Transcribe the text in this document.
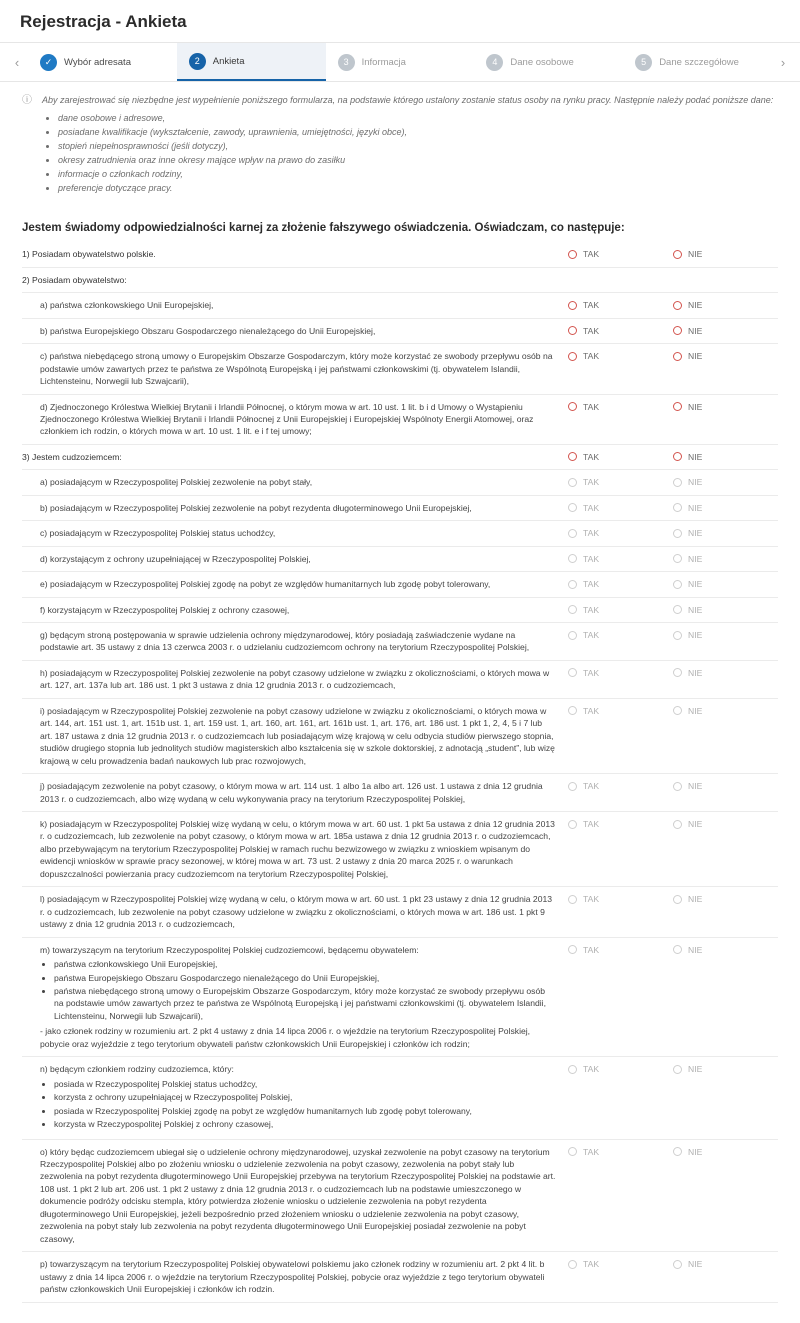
Rejestracja - Ankieta
‹	✓	Wybór adresata	2	Ankieta	3	Informacja	4	Dane osobowe	5	Dane szczegółowe	›
ⓘ Aby zarejestrować się niezbędne jest wypełnienie poniższego formularza, na podstawie którego ustalony zostanie status osoby na rynku pracy. Następnie należy podać poniższe dane:
• dane osobowe i adresowe,
• posiadane kwalifikacje (wykształcenie, zawody, uprawnienia, umiejętności, języki obce),
• stopień niepełnosprawności (jeśli dotyczy),
• okresy zatrudnienia oraz inne okresy mające wpływ na prawo do zasiłku
• informacje o członkach rodziny,
• preferencje dotyczące pracy.
Jestem świadomy odpowiedzialności karnej za złożenie fałszywego oświadczenia. Oświadczam, co następuje:
1) Posiadam obywatelstwo polskie.	TAK	NIE
2) Posiadam obywatelstwo:
a) państwa członkowskiego Unii Europejskiej,	TAK	NIE
b) państwa Europejskiego Obszaru Gospodarczego nienależącego do Unii Europejskiej,	TAK	NIE
c) państwa niebędącego stroną umowy o Europejskim Obszarze Gospodarczym, który może korzystać ze swobody przepływu osób na podstawie umów zawartych przez te państwa ze Wspólnotą Europejską i jej państwami członkowskimi (tj. obywatelem Islandii, Lichtensteinu, Norwegii lub Szwajcarii),
TAK	NIE
d) Zjednoczonego Królestwa Wielkiej Brytanii i Irlandii Północnej, o którym mowa w art. 10 ust. 1 lit. b i d Umowy o Wystąpieniu Zjednoczonego Królestwa Wielkiej Brytanii i Irlandii Północnej z Unii Europejskiej i Europejskiej Wspólnoty Energii Atomowej, oraz członkiem ich rodzin, o których mowa w art. 10 ust. 1 lit. e i f tej umowy;
TAK	NIE
3) Jestem cudzoziemcem:	TAK	NIE
a) posiadającym w Rzeczypospolitej Polskiej zezwolenie na pobyt stały,	TAK	NIE
b) posiadającym w Rzeczypospolitej Polskiej zezwolenie na pobyt rezydenta długoterminowego Unii Europejskiej,	TAK	NIE
c) posiadającym w Rzeczypospolitej Polskiej status uchodźcy,	TAK	NIE
d) korzystającym z ochrony uzupełniającej w Rzeczypospolitej Polskiej,	TAK	NIE
e) posiadającym w Rzeczypospolitej Polskiej zgodę na pobyt ze względów humanitarnych lub zgodę pobyt tolerowany,	TAK	NIE
f) korzystającym w Rzeczypospolitej Polskiej z ochrony czasowej,	TAK	NIE
g) będącym stroną postępowania w sprawie udzielenia ochrony międzynarodowej, który posiadają zaświadczenie wydane na podstawie art. 35 ustawy z dnia 13 czerwca 2003 r. o udzielaniu cudzoziemcom ochrony na terytorium Rzeczypospolitej Polskiej,
TAK	NIE
h) posiadającym w Rzeczypospolitej Polskiej zezwolenie na pobyt czasowy udzielone w związku z okolicznościami, o których mowa w art. 127, art. 137a lub art. 186 ust. 1 pkt 3 ustawa z dnia 12 grudnia 2013 r. o cudzoziemcach,
TAK	NIE
i) posiadającym w Rzeczypospolitej Polskiej zezwolenie na pobyt czasowy udzielone w związku z okolicznościami, o których mowa w art. 144, art. 151 ust. 1, art. 151b ust. 1, art. 159 ust. 1, art. 160, art. 161, art. 161b ust. 1, art. 176, art. 186 ust. 1 pkt 1, 2, 4, 5 i 7 lub art. 187 ustawa z dnia 12 grudnia 2013 r. o cudzoziemcach lub posiadającym wizę krajową w celu odbycia studiów pierwszego stopnia, studiów drugiego stopnia lub jednolitych studiów magisterskich albo kształcenia się w szkole doktorskiej, z adnotacją „student”, lub wizę krajową w celu prowadzenia badań naukowych lub prac rozwojowych,
TAK	NIE
j) posiadającym zezwolenie na pobyt czasowy, o którym mowa w art. 114 ust. 1 albo 1a albo art. 126 ust. 1 ustawa z dnia 12 grudnia 2013 r. o cudzoziemcach, albo wizę wydaną w celu wykonywania pracy na terytorium Rzeczypospolitej Polskiej,
TAK	NIE
k) posiadającym w Rzeczypospolitej Polskiej wizę wydaną w celu, o którym mowa w art. 60 ust. 1 pkt 5a ustawa z dnia 12 grudnia 2013 r. o cudzoziemcach, lub zezwolenie na pobyt czasowy, o którym mowa w art. 185a ustawa z dnia 12 grudnia 2013 r. o cudzoziemcach, albo przebywającym na terytorium Rzeczypospolitej Polskiej w ramach ruchu bezwizowego w związku z wnioskiem wpisanym do ewidencji wniosków w sprawie pracy sezonowej, w której mowa w art. 73 ust. 2 ustawy z dnia 20 marca 2025 r. o warunkach dopuszczalności powierzania pracy cudzoziemcom na terytorium Rzeczypospolitej Polskiej,
TAK	NIE
l) posiadającym w Rzeczypospolitej Polskiej wizę wydaną w celu, o którym mowa w art. 60 ust. 1 pkt 23 ustawy z dnia 12 grudnia 2013 r. o cudzoziemcach, lub zezwolenie na pobyt czasowy udzielone w związku z okolicznościami, o których mowa w art. 186 ust. 1 pkt 9 ustawy z dnia 12 grudnia 2013 r. o cudzoziemcach,
TAK	NIE
m) towarzyszącym na terytorium Rzeczypospolitej Polskiej cudzoziemcowi, będącemu obywatelem:
• państwa członkowskiego Unii Europejskiej,
• państwa Europejskiego Obszaru Gospodarczego nienależącego do Unii Europejskiej,
• państwa niebędącego stroną umowy o Europejskim Obszarze Gospodarczym, który może korzystać ze swobody przepływu osób na podstawie umów zawartych przez te państwa ze Wspólnotą Europejską i jej państwami członkowskimi (tj. obywatelem Islandii, Lichtensteinu, Norwegii lub Szwajcarii),
- jako członek rodziny w rozumieniu art. 2 pkt 4 ustawy z dnia 14 lipca 2006 r. o wjeździe na terytorium Rzeczypospolitej Polskiej, pobycie oraz wyjeździe z tego terytorium obywateli państw członkowskich Unii Europejskiej i członków ich rodzin;
TAK	NIE
n) będącym członkiem rodziny cudzoziemca, który:
• posiada w Rzeczypospolitej Polskiej status uchodźcy,
• korzysta z ochrony uzupełniającej w Rzeczypospolitej Polskiej,
• posiada w Rzeczypospolitej Polskiej zgodę na pobyt ze względów humanitarnych lub zgodę pobyt tolerowany,
• korzysta w Rzeczypospolitej Polskiej z ochrony czasowej,
TAK	NIE
o) który będąc cudzoziemcem ubiegał się o udzielenie ochrony międzynarodowej, uzyskał zezwolenie na pobyt czasowy na terytorium Rzeczypospolitej Polskiej albo po złożeniu wniosku o udzielenie zezwolenia na pobyt czasowy, zezwolenia na pobyt stały lub zezwolenia na pobyt rezydenta długoterminowego Unii Europejskiej przebywa na terytorium Rzeczypospolitej Polskiej na podstawie art. 108 ust. 1 pkt 2 lub art. 206 ust. 1 pkt 2 ustawy z dnia 12 grudnia 2013 r. o cudzoziemcach lub na podstawie umieszczonego w dokumencie podróży odcisku stempla, który potwierdza złożenie wniosku o udzielenie zezwolenia na pobyt rezydenta długoterminowego Unii Europejskiej, jeżeli bezpośrednio przed złożeniem wniosku o udzielenie zezwolenia na pobyt czasowy, zezwolenia na pobyt stały lub zezwolenia na pobyt rezydenta długoterminowego Unii Europejskiej posiadał zezwolenie na pobyt czasowy,
TAK	NIE
p) towarzyszącym na terytorium Rzeczypospolitej Polskiej obywatelowi polskiemu jako członek rodziny w rozumieniu art. 2 pkt 4 lit. b ustawy z dnia 14 lipca 2006 r. o wjeździe na terytorium Rzeczypospolitej Polskiej, pobycie oraz wyjeździe z tego terytorium obywateli państw członkowskich Unii Europejskiej i członków ich rodzin.
TAK	NIE
